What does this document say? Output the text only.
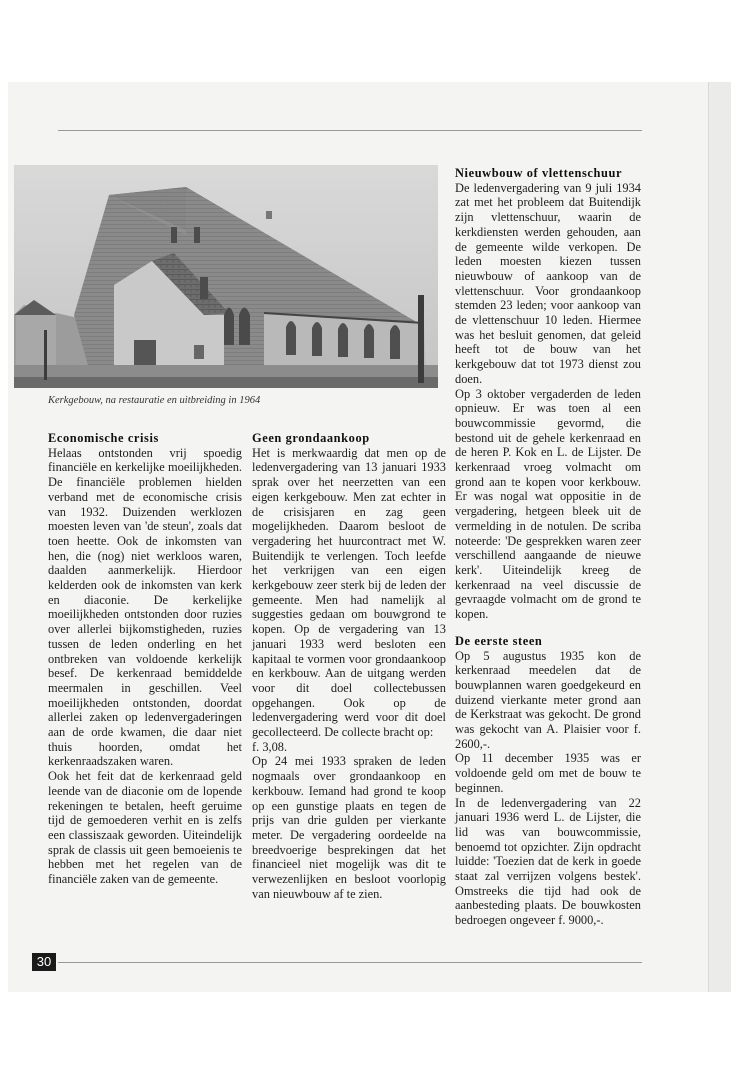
Kerkgebouw, na restauratie en uitbreiding in 1964
Economische crisis

Helaas ontstonden vrij spoedig financiële en kerkelijke moeilijkheden. De financiële problemen hielden verband met de economische crisis van 1932. Duizenden werklozen moesten leven van 'de steun', zoals dat toen heette. Ook de inkomsten van hen, die (nog) niet werkloos waren, daalden aanmerkelijk. Hierdoor kelderden ook de inkomsten van kerk en diaconie. De kerkelijke moeilijkheden ontstonden door ruzies over allerlei bijkomstigheden, ruzies tussen de leden onderling en het ontbreken van voldoende kerkelijk besef. De kerkenraad bemiddelde meermalen in geschillen. Veel moeilijkheden ontstonden, doordat allerlei zaken op ledenvergaderingen aan de orde kwamen, die daar niet thuis hoorden, omdat het kerkenraadszaken waren.

Ook het feit dat de kerkenraad geld leende van de diaconie om de lopende rekeningen te betalen, heeft geruime tijd de gemoederen verhit en is zelfs een classiszaak geworden. Uiteindelijk sprak de classis uit geen bemoeienis te hebben met het regelen van de financiële zaken van de gemeente.

Geen grondaankoop

Het is merkwaardig dat men op de ledenvergadering van 13 januari 1933 sprak over het neerzetten van een eigen kerkgebouw. Men zat echter in de crisisjaren en zag geen mogelijkheden. Daarom besloot de vergadering het huurcontract met W. Buitendijk te verlengen. Toch leefde het verkrijgen van een eigen kerkgebouw zeer sterk bij de leden der gemeente. Men had namelijk al suggesties gedaan om bouwgrond te kopen. Op de vergadering van 13 januari 1933 werd besloten een kapitaal te vormen voor grondaankoop en kerkbouw. Aan de uitgang werden voor dit doel collectebussen opgehangen. Ook op de ledenvergadering werd voor dit doel gecollecteerd. De collecte bracht op:

f. 3,08.

Op 24 mei 1933 spraken de leden nogmaals over grondaankoop en kerkbouw. Iemand had grond te koop op een gunstige plaats en tegen de prijs van drie gulden per vierkante meter. De vergadering oordeelde na breedvoerige besprekingen dat het financieel niet mogelijk was dit te verwezenlijken en besloot voorlopig van nieuwbouw af te zien.

Nieuwbouw of vlettenschuur

De ledenvergadering van 9 juli 1934 zat met het probleem dat Buitendijk zijn vlettenschuur, waarin de kerkdiensten werden gehouden, aan de gemeente wilde verkopen. De leden moesten kiezen tussen nieuwbouw of aankoop van de vlettenschuur. Voor grondaankoop stemden 23 leden; voor aankoop van de vlettenschuur 10 leden. Hiermee was het besluit genomen, dat geleid heeft tot de bouw van het kerkgebouw dat tot 1973 dienst zou doen.

Op 3 oktober vergaderden de leden opnieuw. Er was toen al een bouwcommissie gevormd, die bestond uit de gehele kerkenraad en de heren P. Kok en L. de Lijster. De kerkenraad vroeg volmacht om grond aan te kopen voor kerkbouw. Er was nogal wat oppositie in de vergadering, hetgeen bleek uit de vermelding in de notulen. De scriba noteerde: 'De gesprekken waren zeer verschillend aangaande de nieuwe kerk'. Uiteindelijk kreeg de kerkenraad na veel discussie de gevraagde volmacht om de grond te kopen.

De eerste steen

Op 5 augustus 1935 kon de kerkenraad meedelen dat de bouwplannen waren goedgekeurd en duizend vierkante meter grond aan de Kerkstraat was gekocht. De grond was gekocht van A. Plaisier voor f. 2600,-.

Op 11 december 1935 was er voldoende geld om met de bouw te beginnen.

In de ledenvergadering van 22 januari 1936 werd L. de Lijster, die lid was van bouwcommissie, benoemd tot opzichter. Zijn opdracht luidde: 'Toezien dat de kerk in goede staat zal verrijzen volgens bestek'. Omstreeks die tijd had ook de aanbesteding plaats. De bouwkosten bedroegen ongeveer f. 9000,-.

30
